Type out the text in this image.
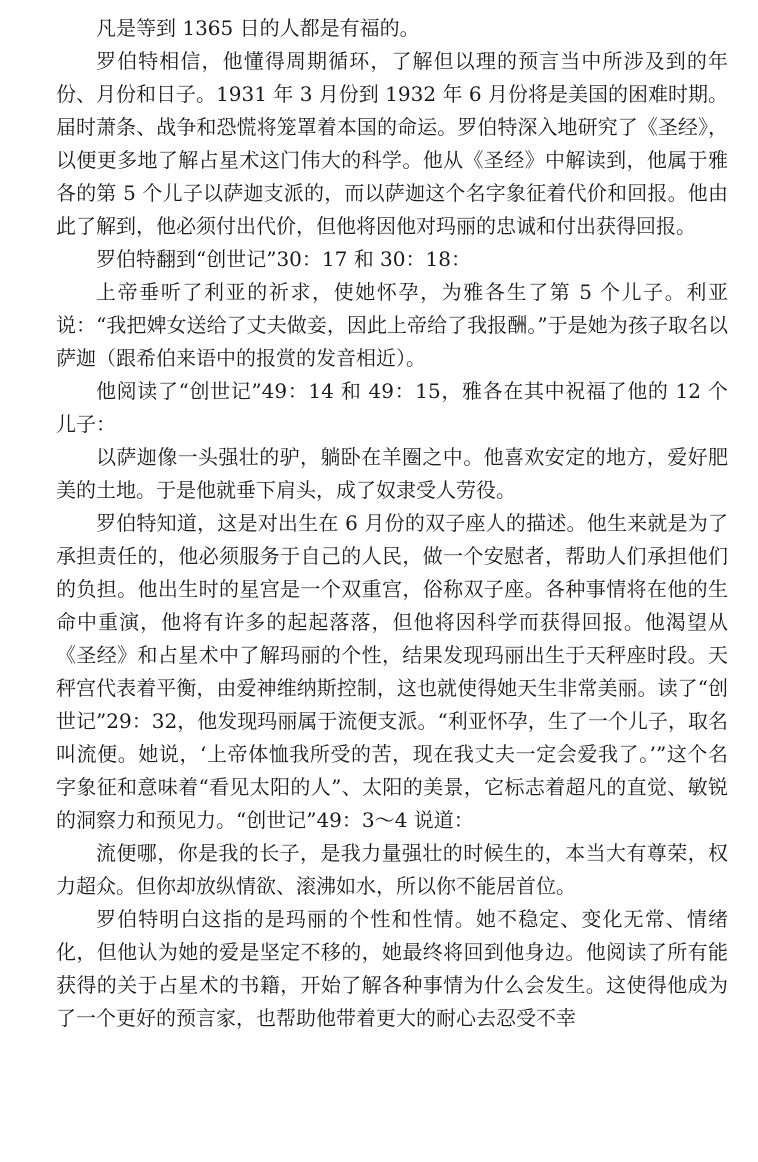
凡是等到 1365 日的人都是有福的。

罗伯特相信，他懂得周期循环，了解但以理的预言当中所涉及到的年份、月份和日子。1931 年 3 月份到 1932 年 6 月份将是美国的困难时期。届时萧条、战争和恐慌将笼罩着本国的命运。罗伯特深入地研究了《圣经》，以便更多地了解占星术这门伟大的科学。他从《圣经》中解读到，他属于雅各的第 5 个儿子以萨迦支派的，而以萨迦这个名字象征着代价和回报。他由此了解到，他必须付出代价，但他将因他对玛丽的忠诚和付出获得回报。

罗伯特翻到“创世记”30：17 和 30：18：

上帝垂听了利亚的祈求，使她怀孕，为雅各生了第 5 个儿子。利亚说：“我把婢女送给了丈夫做妾，因此上帝给了我报酬。”于是她为孩子取名以萨迦（跟希伯来语中的报赏的发音相近）。

他阅读了“创世记”49：14 和 49：15，雅各在其中祝福了他的 12 个儿子：

以萨迦像一头强壮的驴，躺卧在羊圈之中。他喜欢安定的地方，爱好肥美的土地。于是他就垂下肩头，成了奴隶受人劳役。

罗伯特知道，这是对出生在 6 月份的双子座人的描述。他生来就是为了承担责任的，他必须服务于自己的人民，做一个安慰者，帮助人们承担他们的负担。他出生时的星宫是一个双重宫，俗称双子座。各种事情将在他的生命中重演，他将有许多的起起落落，但他将因科学而获得回报。他渴望从《圣经》和占星术中了解玛丽的个性，结果发现玛丽出生于天秤座时段。天秤宫代表着平衡，由爱神维纳斯控制，这也就使得她天生非常美丽。读了“创世记”29：32，他发现玛丽属于流便支派。“利亚怀孕，生了一个儿子，取名叫流便。她说，‘上帝体恤我所受的苦，现在我丈夫一定会爱我了。’”这个名字象征和意味着“看见太阳的人”、太阳的美景，它标志着超凡的直觉、敏锐的洞察力和预见力。“创世记”49：3～4 说道：

流便哪，你是我的长子，是我力量强壮的时候生的，本当大有尊荣，权力超众。但你却放纵情欲、滚沸如水，所以你不能居首位。

罗伯特明白这指的是玛丽的个性和性情。她不稳定、变化无常、情绪化，但他认为她的爱是坚定不移的，她最终将回到他身边。他阅读了所有能获得的关于占星术的书籍，开始了解各种事情为什么会发生。这使得他成为了一个更好的预言家，也帮助他带着更大的耐心去忍受不幸
